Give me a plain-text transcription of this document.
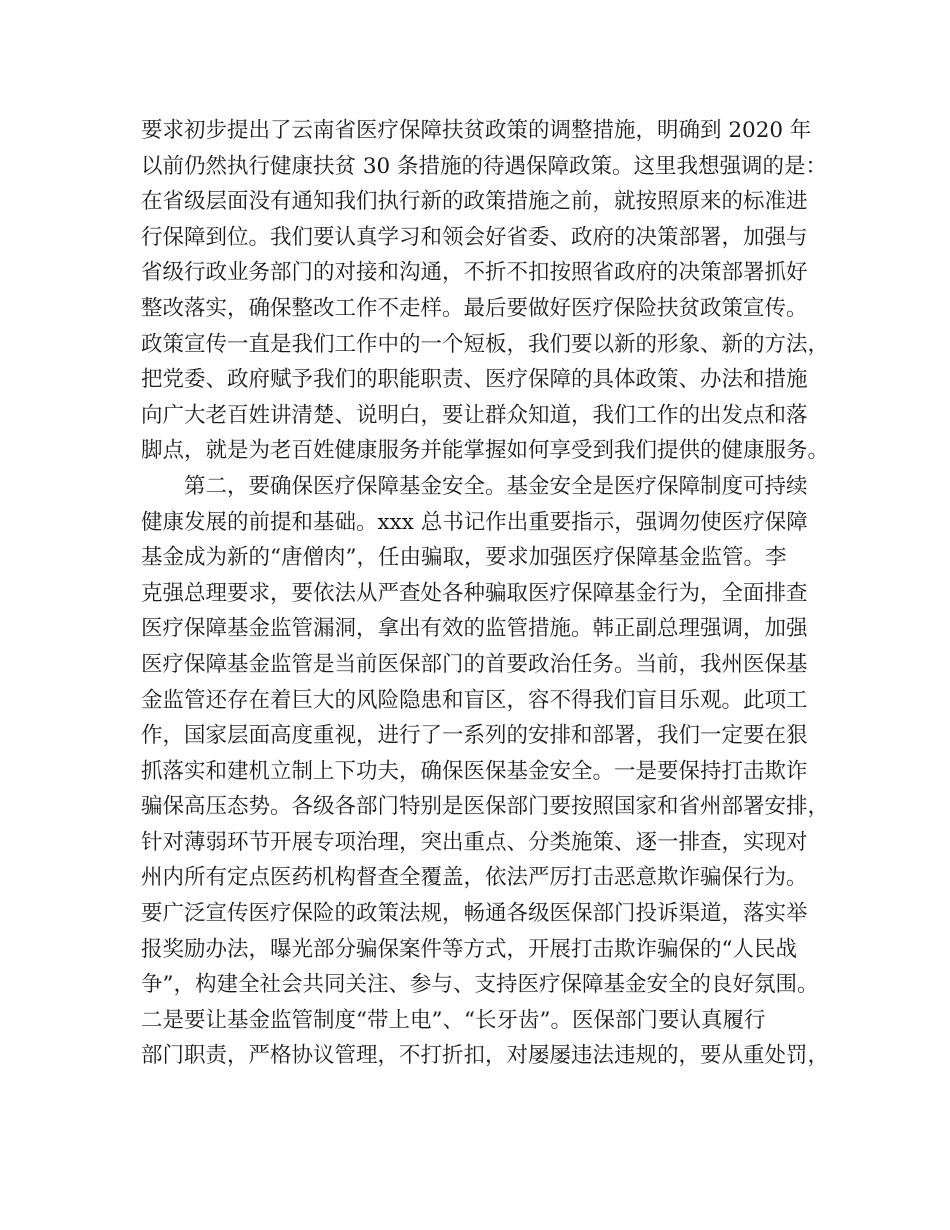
要求初步提出了云南省医疗保障扶贫政策的调整措施，明确到 2020 年
以前仍然执行健康扶贫 30 条措施的待遇保障政策。这里我想强调的是：
在省级层面没有通知我们执行新的政策措施之前，就按照原来的标准进
行保障到位。我们要认真学习和领会好省委、政府的决策部署，加强与
省级行政业务部门的对接和沟通，不折不扣按照省政府的决策部署抓好
整改落实，确保整改工作不走样。最后要做好医疗保险扶贫政策宣传。
政策宣传一直是我们工作中的一个短板，我们要以新的形象、新的方法，
把党委、政府赋予我们的职能职责、医疗保障的具体政策、办法和措施
向广大老百姓讲清楚、说明白，要让群众知道，我们工作的出发点和落
脚点，就是为老百姓健康服务并能掌握如何享受到我们提供的健康服务。
第二，要确保医疗保障基金安全。基金安全是医疗保障制度可持续
健康发展的前提和基础。xxx 总书记作出重要指示，强调勿使医疗保障
基金成为新的“唐僧肉”，任由骗取，要求加强医疗保障基金监管。李
克强总理要求，要依法从严查处各种骗取医疗保障基金行为，全面排查
医疗保障基金监管漏洞，拿出有效的监管措施。韩正副总理强调，加强
医疗保障基金监管是当前医保部门的首要政治任务。当前，我州医保基
金监管还存在着巨大的风险隐患和盲区，容不得我们盲目乐观。此项工
作，国家层面高度重视，进行了一系列的安排和部署，我们一定要在狠
抓落实和建机立制上下功夫，确保医保基金安全。一是要保持打击欺诈
骗保高压态势。各级各部门特别是医保部门要按照国家和省州部署安排，
针对薄弱环节开展专项治理，突出重点、分类施策、逐一排查，实现对
州内所有定点医药机构督查全覆盖，依法严厉打击恶意欺诈骗保行为。
要广泛宣传医疗保险的政策法规，畅通各级医保部门投诉渠道，落实举
报奖励办法，曝光部分骗保案件等方式，开展打击欺诈骗保的“人民战
争”，构建全社会共同关注、参与、支持医疗保障基金安全的良好氛围。
二是要让基金监管制度“带上电”、“长牙齿”。医保部门要认真履行
部门职责，严格协议管理，不打折扣，对屡屡违法违规的，要从重处罚，
